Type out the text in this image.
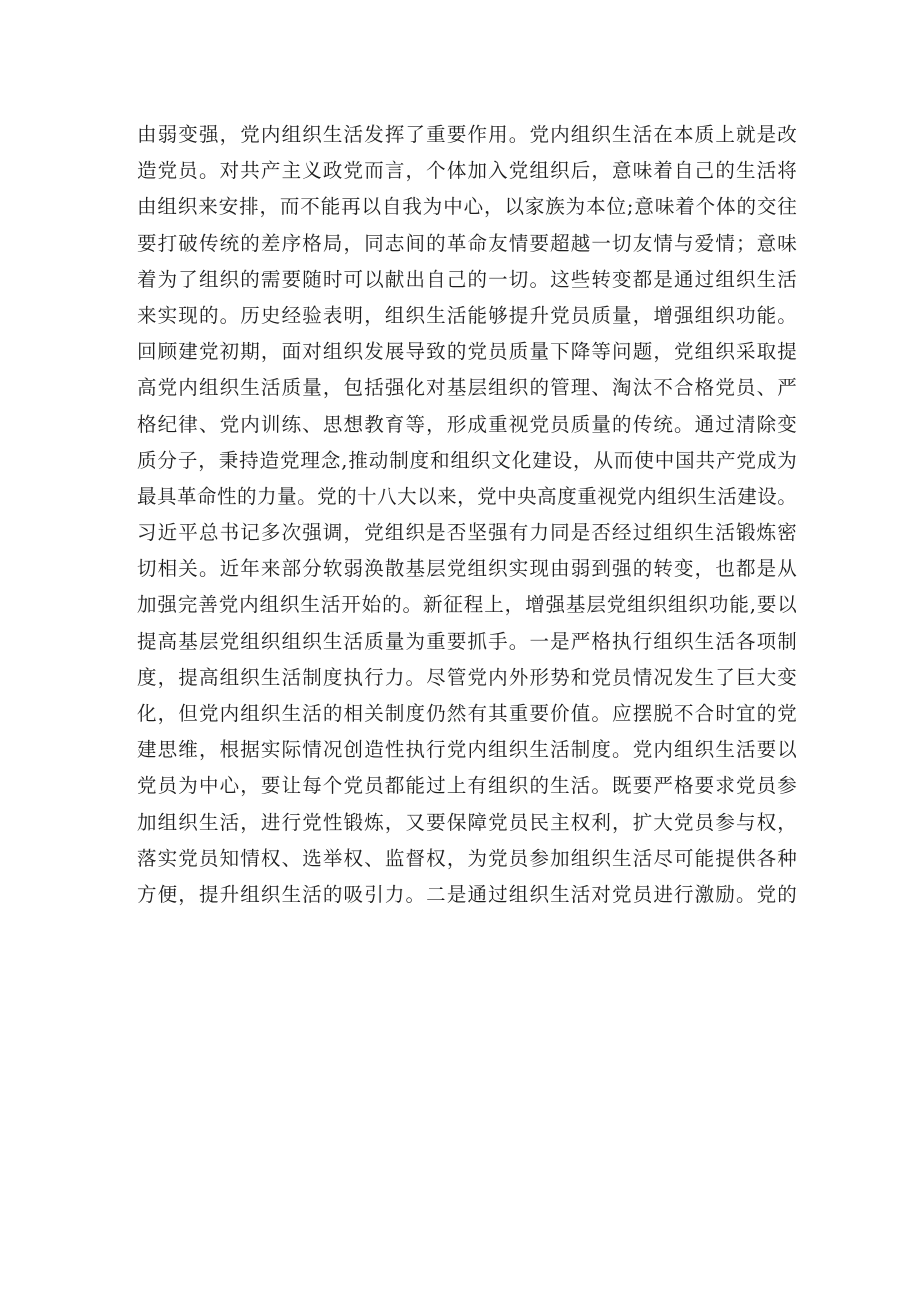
由弱变强，党内组织生活发挥了重要作用。党内组织生活在本质上就是改
造党员。对共产主义政党而言，个体加入党组织后，意味着自己的生活将
由组织来安排，而不能再以自我为中心，以家族为本位;意味着个体的交往
要打破传统的差序格局，同志间的革命友情要超越一切友情与爱情；意味
着为了组织的需要随时可以献出自己的一切。这些转变都是通过组织生活
来实现的。历史经验表明，组织生活能够提升党员质量，增强组织功能。
回顾建党初期，面对组织发展导致的党员质量下降等问题，党组织采取提
高党内组织生活质量，包括强化对基层组织的管理、淘汰不合格党员、严
格纪律、党内训练、思想教育等，形成重视党员质量的传统。通过清除变
质分子，秉持造党理念,推动制度和组织文化建设，从而使中国共产党成为
最具革命性的力量。党的十八大以来，党中央高度重视党内组织生活建设。
习近平总书记多次强调，党组织是否坚强有力同是否经过组织生活锻炼密
切相关。近年来部分软弱涣散基层党组织实现由弱到强的转变，也都是从
加强完善党内组织生活开始的。新征程上，增强基层党组织组织功能,要以
提高基层党组织组织生活质量为重要抓手。一是严格执行组织生活各项制
度，提高组织生活制度执行力。尽管党内外形势和党员情况发生了巨大变
化，但党内组织生活的相关制度仍然有其重要价值。应摆脱不合时宜的党
建思维，根据实际情况创造性执行党内组织生活制度。党内组织生活要以
党员为中心，要让每个党员都能过上有组织的生活。既要严格要求党员参
加组织生活，进行党性锻炼，又要保障党员民主权利，扩大党员参与权，
落实党员知情权、选举权、监督权，为党员参加组织生活尽可能提供各种
方便，提升组织生活的吸引力。二是通过组织生活对党员进行激励。党的
